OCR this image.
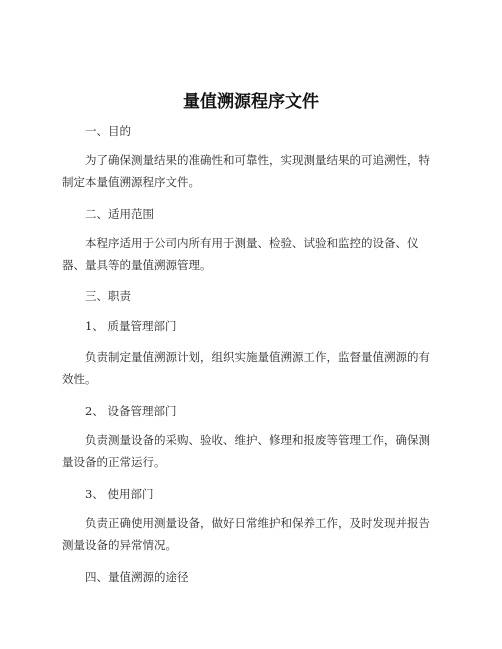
量值溯源程序文件
一、目的
为了确保测量结果的准确性和可靠性，实现测量结果的可追溯性，特制定本量值溯源程序文件。
二、适用范围
本程序适用于公司内所有用于测量、检验、试验和监控的设备、仪器、量具等的量值溯源管理。
三、职责
1、 质量管理部门
负责制定量值溯源计划，组织实施量值溯源工作，监督量值溯源的有效性。
2、 设备管理部门
负责测量设备的采购、验收、维护、修理和报废等管理工作，确保测量设备的正常运行。
3、 使用部门
负责正确使用测量设备，做好日常维护和保养工作，及时发现并报告测量设备的异常情况。
四、量值溯源的途径
